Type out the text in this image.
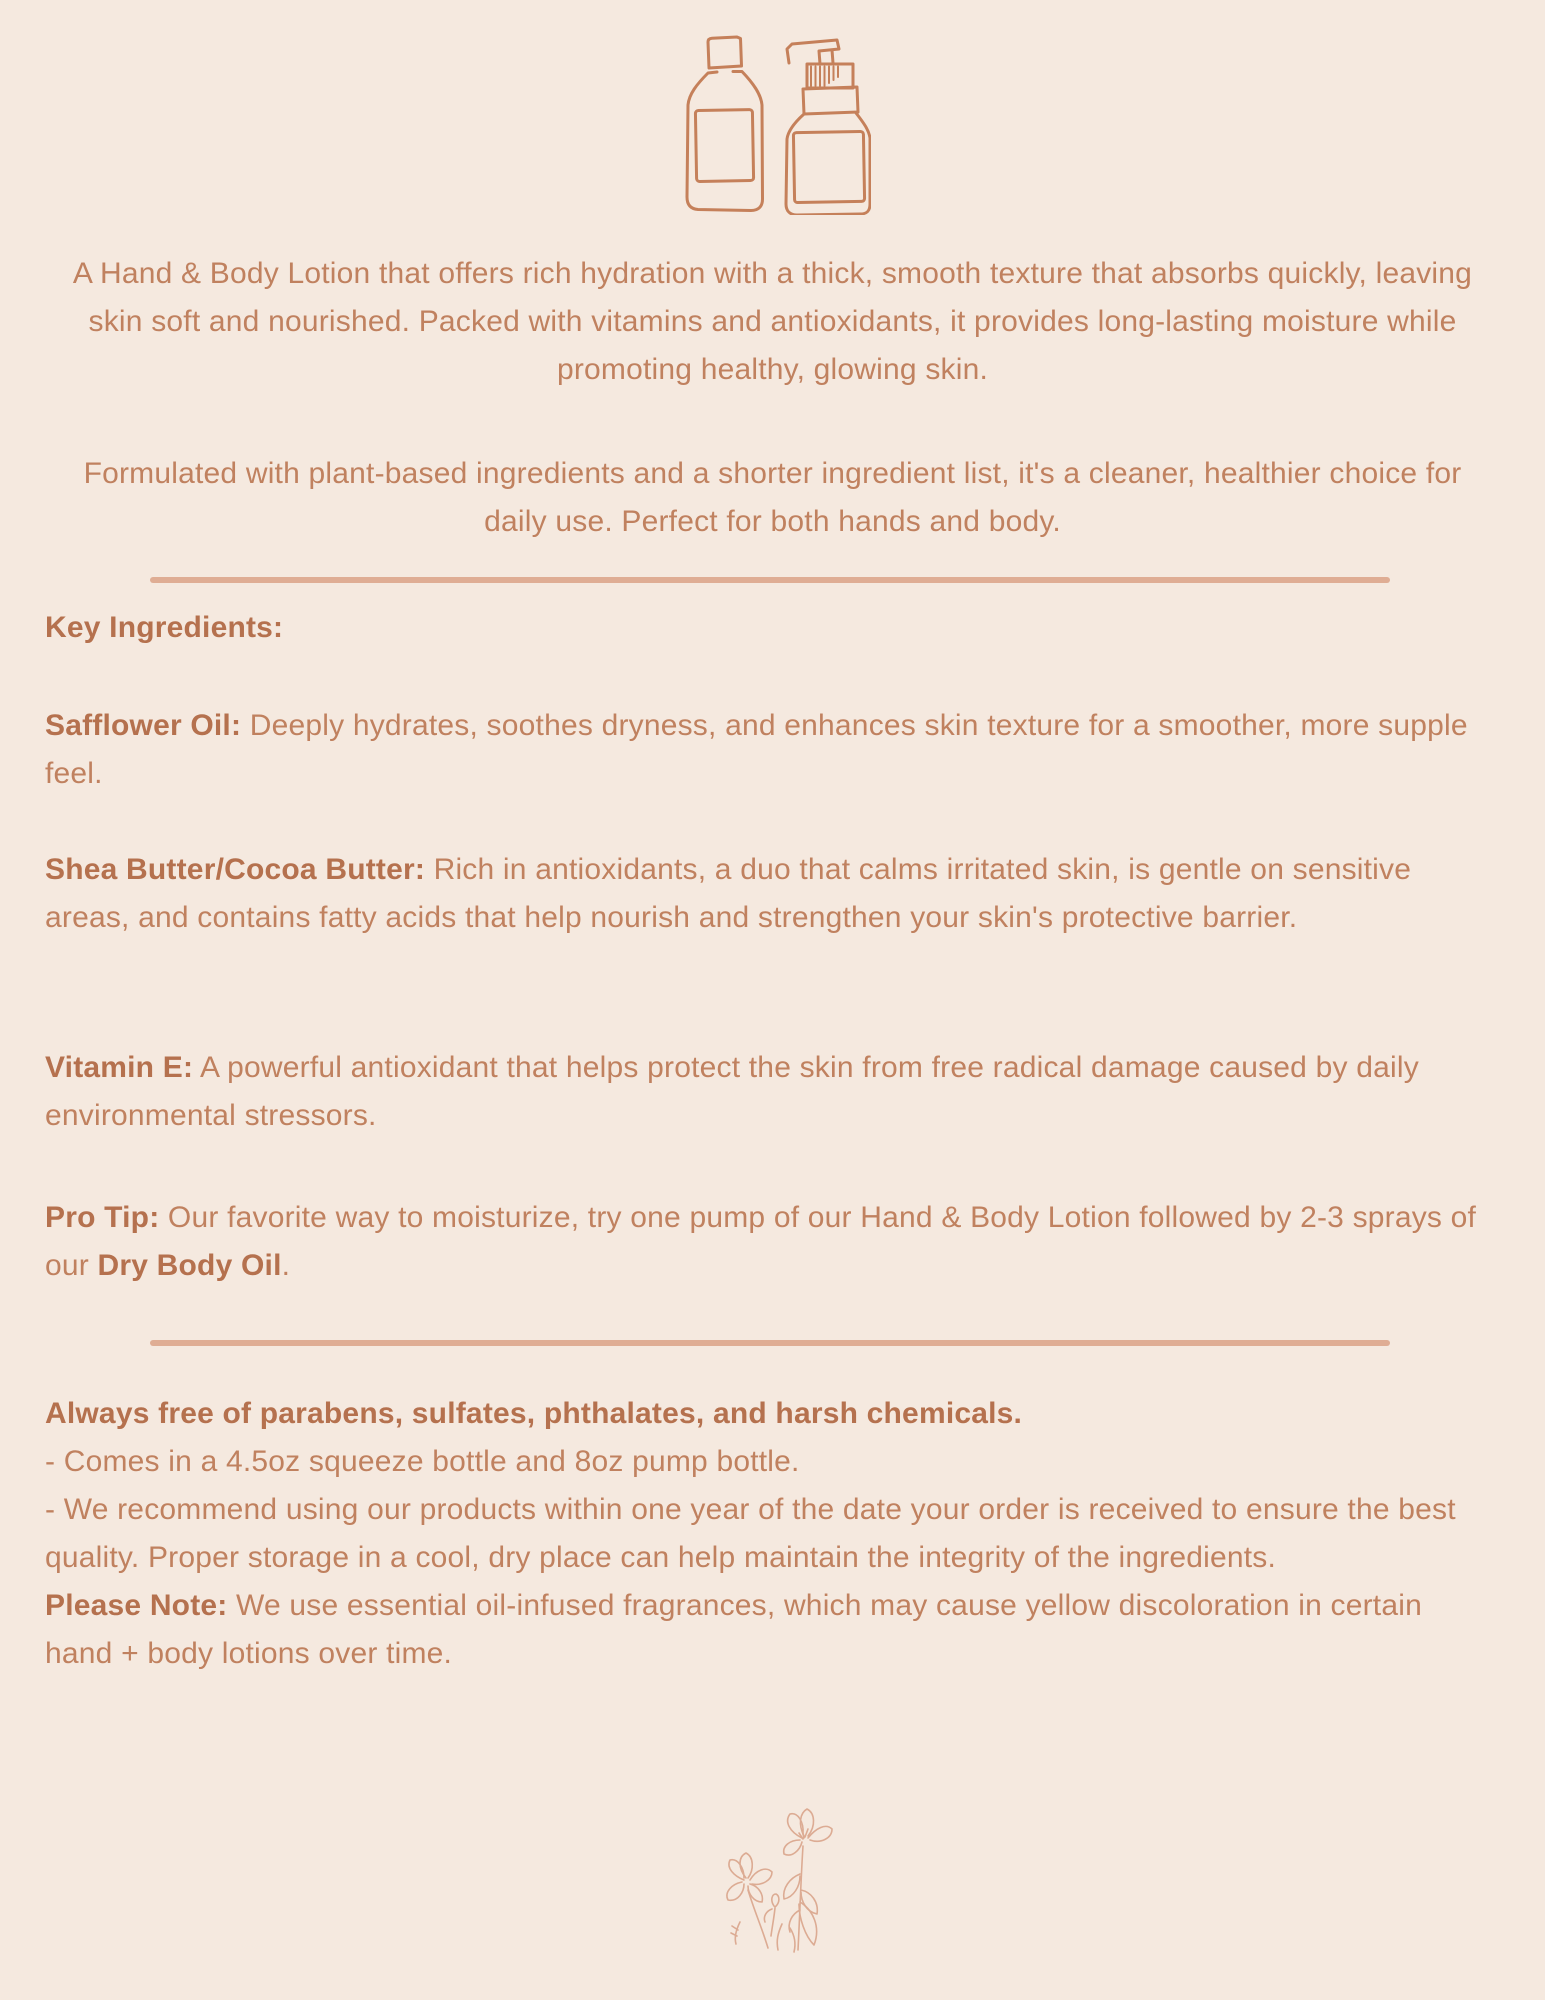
A Hand & Body Lotion that offers rich hydration with a thick, smooth texture that absorbs quickly, leaving skin soft and nourished. Packed with vitamins and antioxidants, it provides long-lasting moisture while promoting healthy, glowing skin.

Formulated with plant-based ingredients and a shorter ingredient list, it's a cleaner, healthier choice for daily use. Perfect for both hands and body.

Key Ingredients:

Safflower Oil: Deeply hydrates, soothes dryness, and enhances skin texture for a smoother, more supple feel.

Shea Butter/Cocoa Butter: Rich in antioxidants, a duo that calms irritated skin, is gentle on sensitive areas, and contains fatty acids that help nourish and strengthen your skin's protective barrier.

Vitamin E: A powerful antioxidant that helps protect the skin from free radical damage caused by daily environmental stressors.

Pro Tip: Our favorite way to moisturize, try one pump of our Hand & Body Lotion followed by 2-3 sprays of our Dry Body Oil.

Always free of parabens, sulfates, phthalates, and harsh chemicals.

- Comes in a 4.5oz squeeze bottle and 8oz pump bottle.

- We recommend using our products within one year of the date your order is received to ensure the best quality. Proper storage in a cool, dry place can help maintain the integrity of the ingredients.

Please Note: We use essential oil-infused fragrances, which may cause yellow discoloration in certain hand + body lotions over time.
